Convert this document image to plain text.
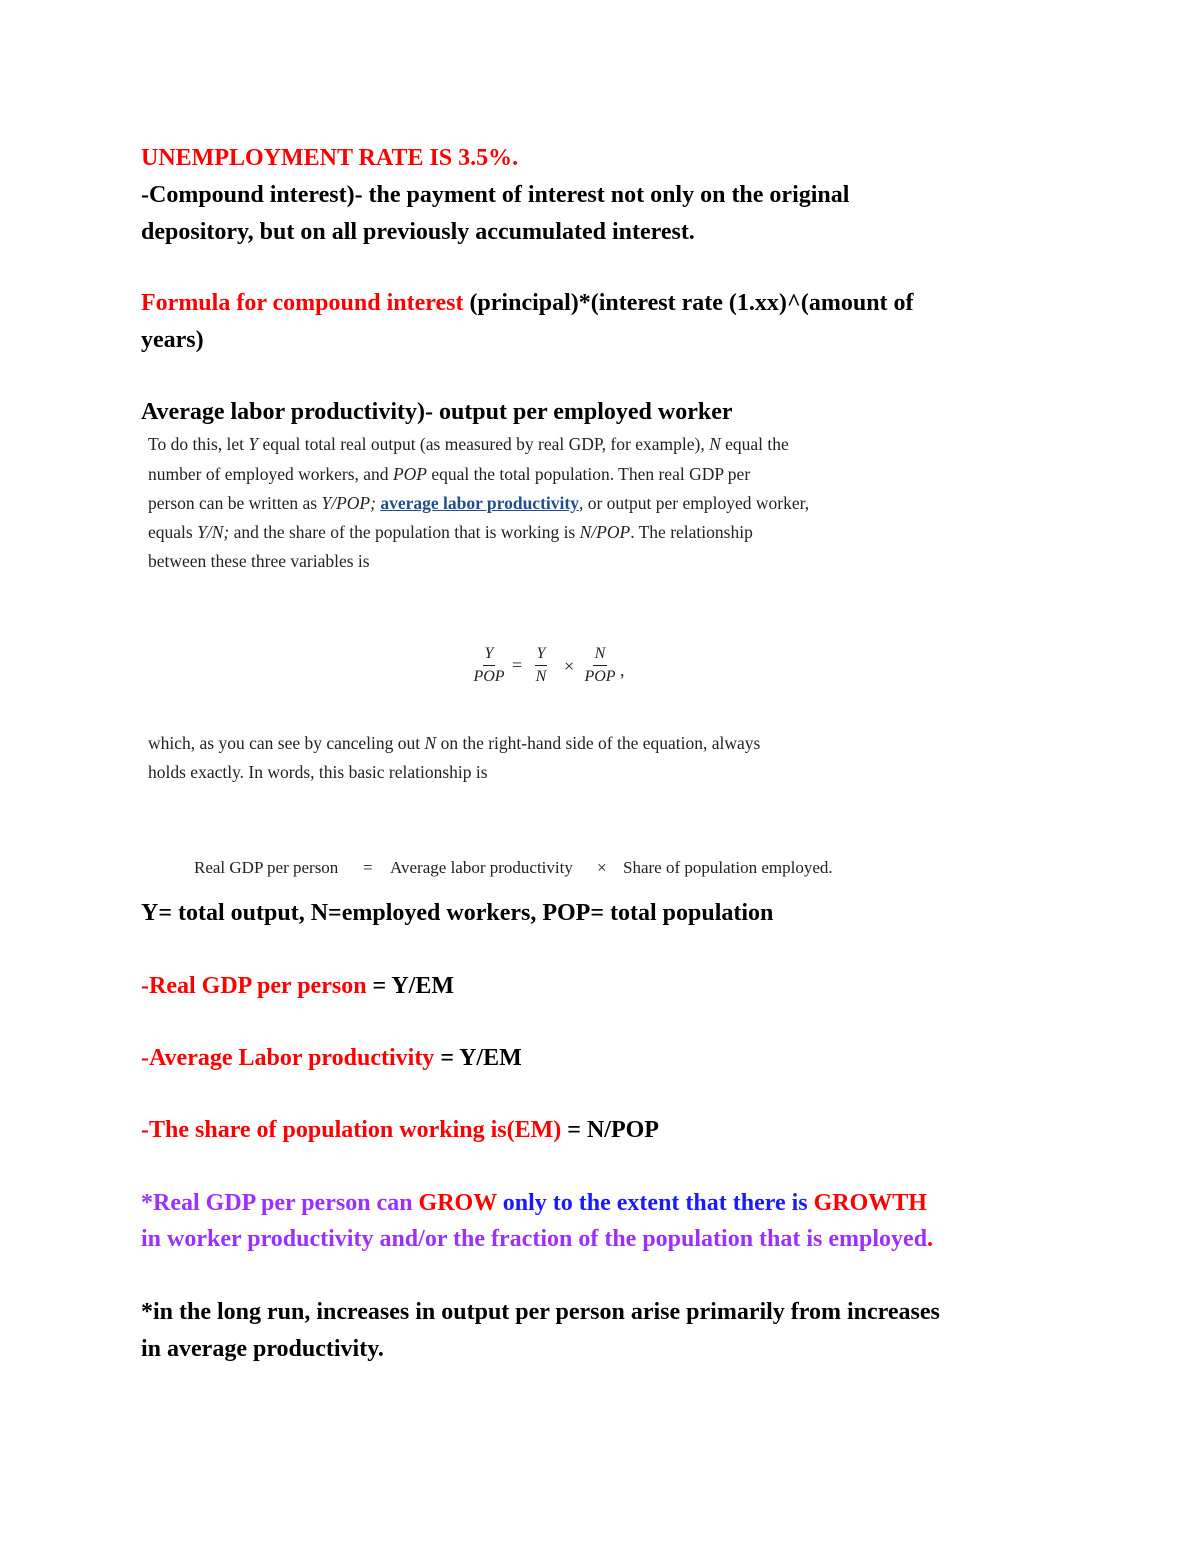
UNEMPLOYMENT RATE IS 3.5%.
-Compound interest)- the payment of interest not only on the original
depository, but on all previously accumulated interest.
Formula for compound interest (principal)*(interest rate (1.xx)^(amount of
years)
Average labor productivity)- output per employed worker
To do this, let Y equal total real output (as measured by real GDP, for example), N equal the
number of employed workers, and POP equal the total population. Then real GDP per
person can be written as Y/POP; average labor productivity, or output per employed worker,
equals Y/N; and the share of the population that is working is N/POP. The relationship
between these three variables is
Y
POP
= $\frac{Y}{N}$ ×
N
POP ,
which, as you can see by canceling out N on the right-hand side of the equation, always
holds exactly. In words, this basic relationship is
Real GDP per person = Average labor productivity × Share of population employed.
Y= total output, N=employed workers, POP= total population
-Real GDP per person = Y/EM
-Average Labor productivity = Y/EM
-The share of population working is(EM) = N/POP
*Real GDP per person can GROW only to the extent that there is GROWTH
in worker productivity and/or the fraction of the population that is employed.
*in the long run, increases in output per person arise primarily from increases
in average productivity.
